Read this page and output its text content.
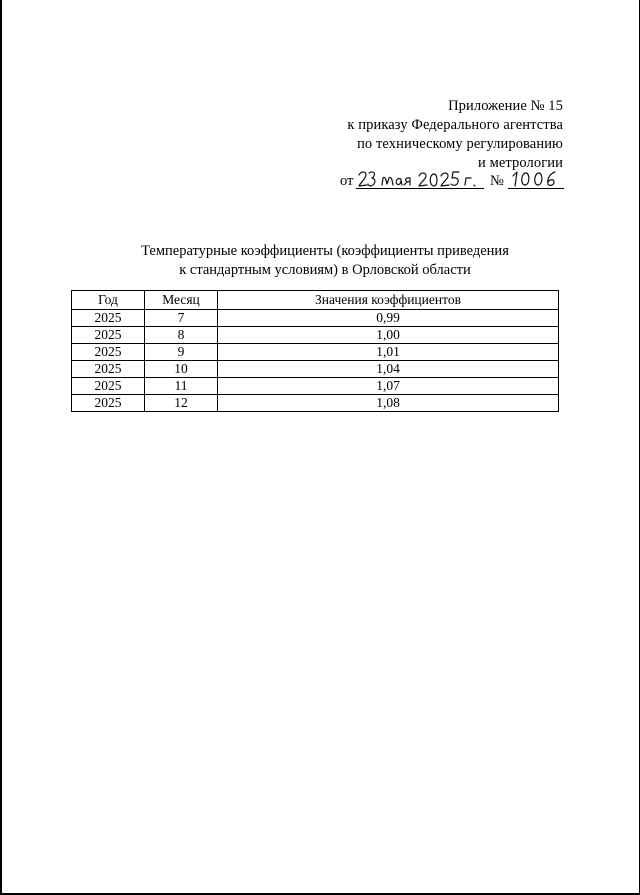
Приложение № 15
к приказу Федерального агентства
по техническому регулированию
и метрологии
от	№
Температурные коэффициенты (коэффициенты приведения
к стандартным условиям) в Орловской области
Год	Месяц	Значения коэффициентов
2025	7	0,99
2025	8	1,00
2025	9	1,01
2025	10	1,04
2025	11	1,07
2025	12	1,08
